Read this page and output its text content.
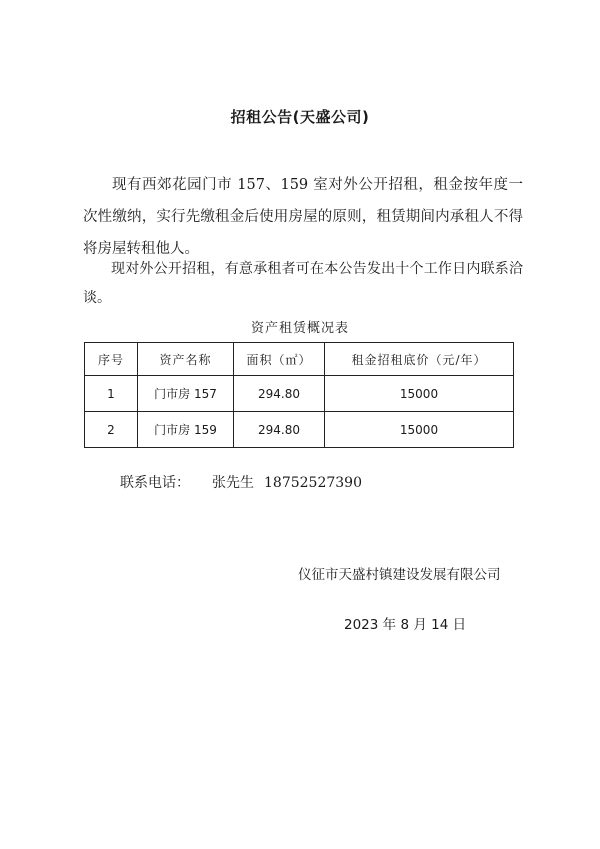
招租公告(天盛公司)

现有西郊花园门市 157、159 室对外公开招租，租金按年度一次性缴纳，实行先缴租金后使用房屋的原则，租赁期间内承租人不得将房屋转租他人。

现对外公开招租，有意承租者可在本公告发出十个工作日内联系洽谈。

资产租赁概况表
序号	资产名称	面积（㎡）	租金招租底价（元/年）
1	门市房 157	294.80	15000
2	门市房 159	294.80	15000
联系电话： 张先生 18752527390
仪征市天盛村镇建设发展有限公司
2023 年 8 月 14 日
